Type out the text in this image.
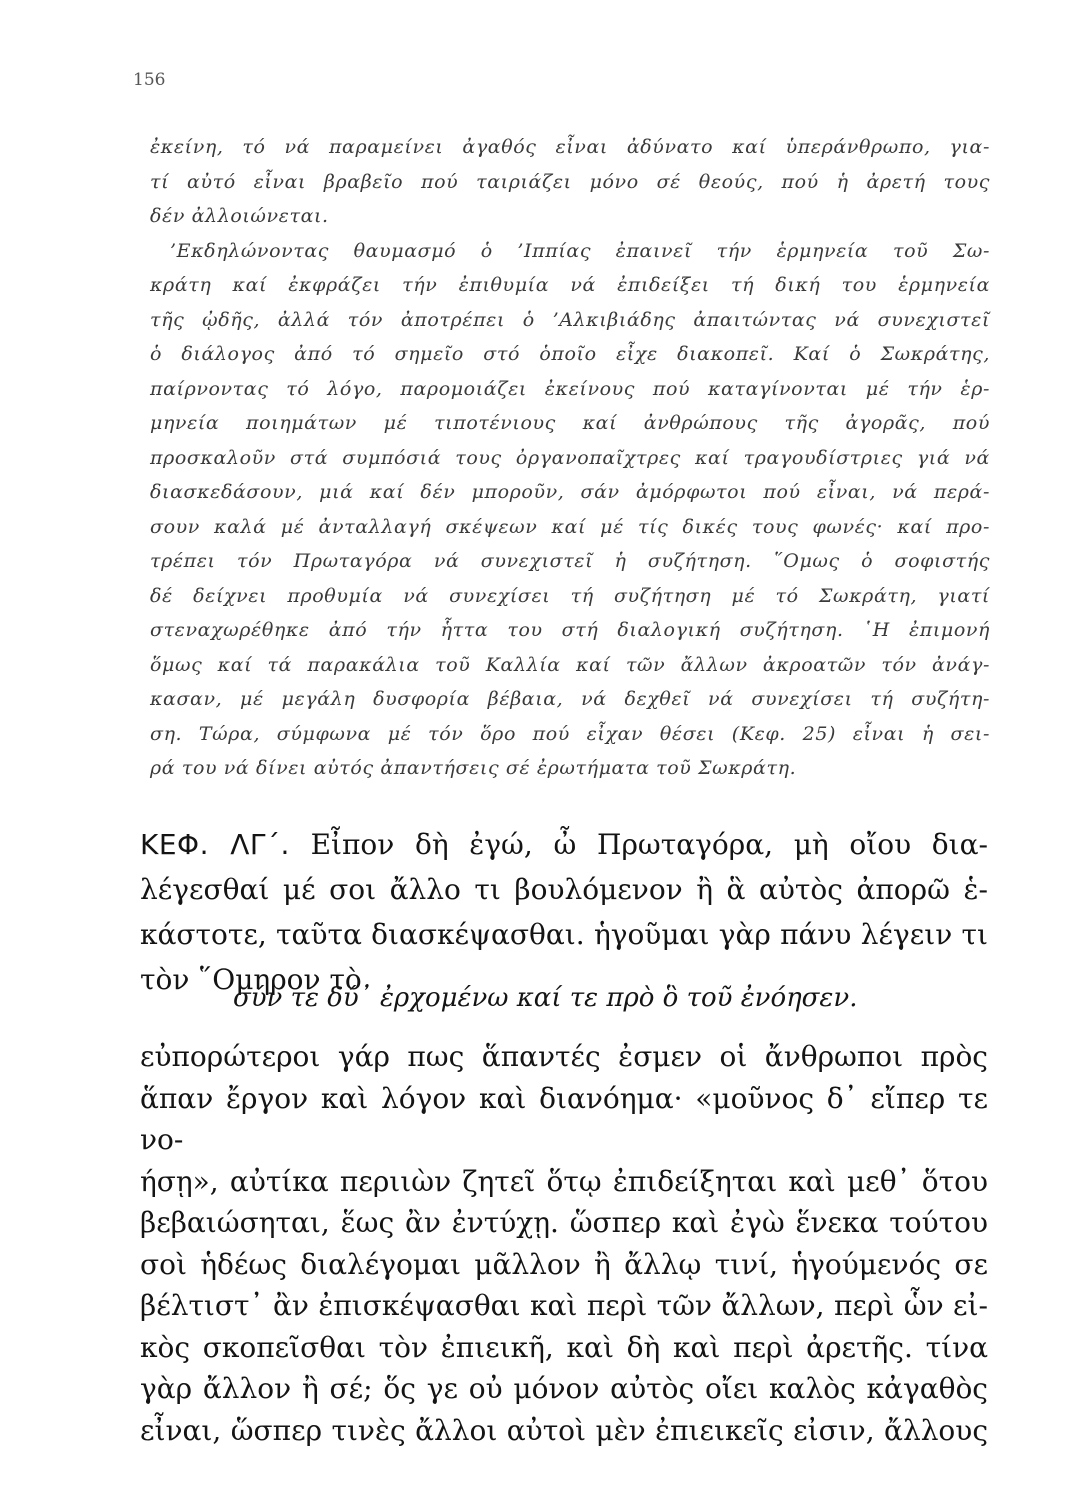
156
ἐκείνη, τό νά παραμείνει ἀγαθός εἶναι ἀδύνατο καί ὑπεράνθρωπο, για-
τί αὐτό εἶναι βραβεῖο πού ταιριάζει μόνο σέ θεούς, πού ἡ ἀρετή τους
δέν ἀλλοιώνεται.
’Εκδηλώνοντας θαυμασμό ὁ ’Ιππίας ἐπαινεῖ τήν ἑρμηνεία τοῦ Σω-
κράτη καί ἐκφράζει τήν ἐπιθυμία νά ἐπιδείξει τή δική του ἑρμηνεία
τῆς ᾠδῆς, ἀλλά τόν ἀποτρέπει ὁ ’Αλκιβιάδης ἀπαιτώντας νά συνεχιστεῖ
ὁ διάλογος ἀπό τό σημεῖο στό ὁποῖο εἶχε διακοπεῖ. Καί ὁ Σωκράτης,
παίρνοντας τό λόγο, παρομοιάζει ἐκείνους πού καταγίνονται μέ τήν ἑρ-
μηνεία ποιημάτων μέ τιποτένιους καί ἀνθρώπους τῆς ἀγορᾶς, πού
προσκαλοῦν στά συμπόσιά τους ὀργανοπαῖχτρες καί τραγουδίστριες γιά νά
διασκεδάσουν, μιά καί δέν μποροῦν, σάν ἀμόρφωτοι πού εἶναι, νά περά-
σουν καλά μέ ἀνταλλαγή σκέψεων καί μέ τίς δικές τους φωνές· καί προ-
τρέπει τόν Πρωταγόρα νά συνεχιστεῖ ἡ συζήτηση. ῞Ομως ὁ σοφιστής
δέ δείχνει προθυμία νά συνεχίσει τή συζήτηση μέ τό Σωκράτη, γιατί
στεναχωρέθηκε ἀπό τήν ἧττα του στή διαλογική συζήτηση. ῾Η ἐπιμονή
ὅμως καί τά παρακάλια τοῦ Καλλία καί τῶν ἄλλων ἀκροατῶν τόν ἀνάγ-
κασαν, μέ μεγάλη δυσφορία βέβαια, νά δεχθεῖ νά συνεχίσει τή συζήτη-
ση. Τώρα, σύμφωνα μέ τόν ὅρο πού εἶχαν θέσει (Κεφ. 25) εἶναι ἡ σει-
ρά του νά δίνει αὐτός ἀπαντήσεις σέ ἐρωτήματα τοῦ Σωκράτη.
ΚΕΦ. ΛΓ΄. Εἶπον δὴ ἐγώ, ὦ Πρωταγόρα, μὴ οἴου δια-
λέγεσθαί μέ σοι ἄλλο τι βουλόμενον ἢ ἃ αὐτὸς ἀπορῶ ἑ-
κάστοτε, ταῦτα διασκέψασθαι. ἡγοῦμαι γὰρ πάνυ λέγειν τι
τὸν ῞Ομηρον τὸ
σύν τε δύ᾽ ἐρχομένω καί τε πρὸ ὃ τοῦ ἐνόησεν.
εὐπορώτεροι γάρ πως ἅπαντές ἐσμεν οἱ ἄνθρωποι πρὸς
ἅπαν ἔργον καὶ λόγον καὶ διανόημα· «μοῦνος δ᾽ εἴπερ τε νο-
ήσῃ», αὐτίκα περιιὼν ζητεῖ ὅτῳ ἐπιδείξηται καὶ μεθ᾽ ὅτου
βεβαιώσηται, ἕως ἂν ἐντύχῃ. ὥσπερ καὶ ἐγὼ ἕνεκα τούτου
σοὶ ἡδέως διαλέγομαι μᾶλλον ἢ ἄλλῳ τινί, ἡγούμενός σε
βέλτιστ᾽ ἂν ἐπισκέψασθαι καὶ περὶ τῶν ἄλλων, περὶ ὧν εἰ-
κὸς σκοπεῖσθαι τὸν ἐπιεικῆ, καὶ δὴ καὶ περὶ ἀρετῆς. τίνα
γὰρ ἄλλον ἢ σέ; ὅς γε οὐ μόνον αὐτὸς οἴει καλὸς κἀγαθὸς
εἶναι, ὥσπερ τινὲς ἄλλοι αὐτοὶ μὲν ἐπιεικεῖς εἰσιν, ἄλλους
